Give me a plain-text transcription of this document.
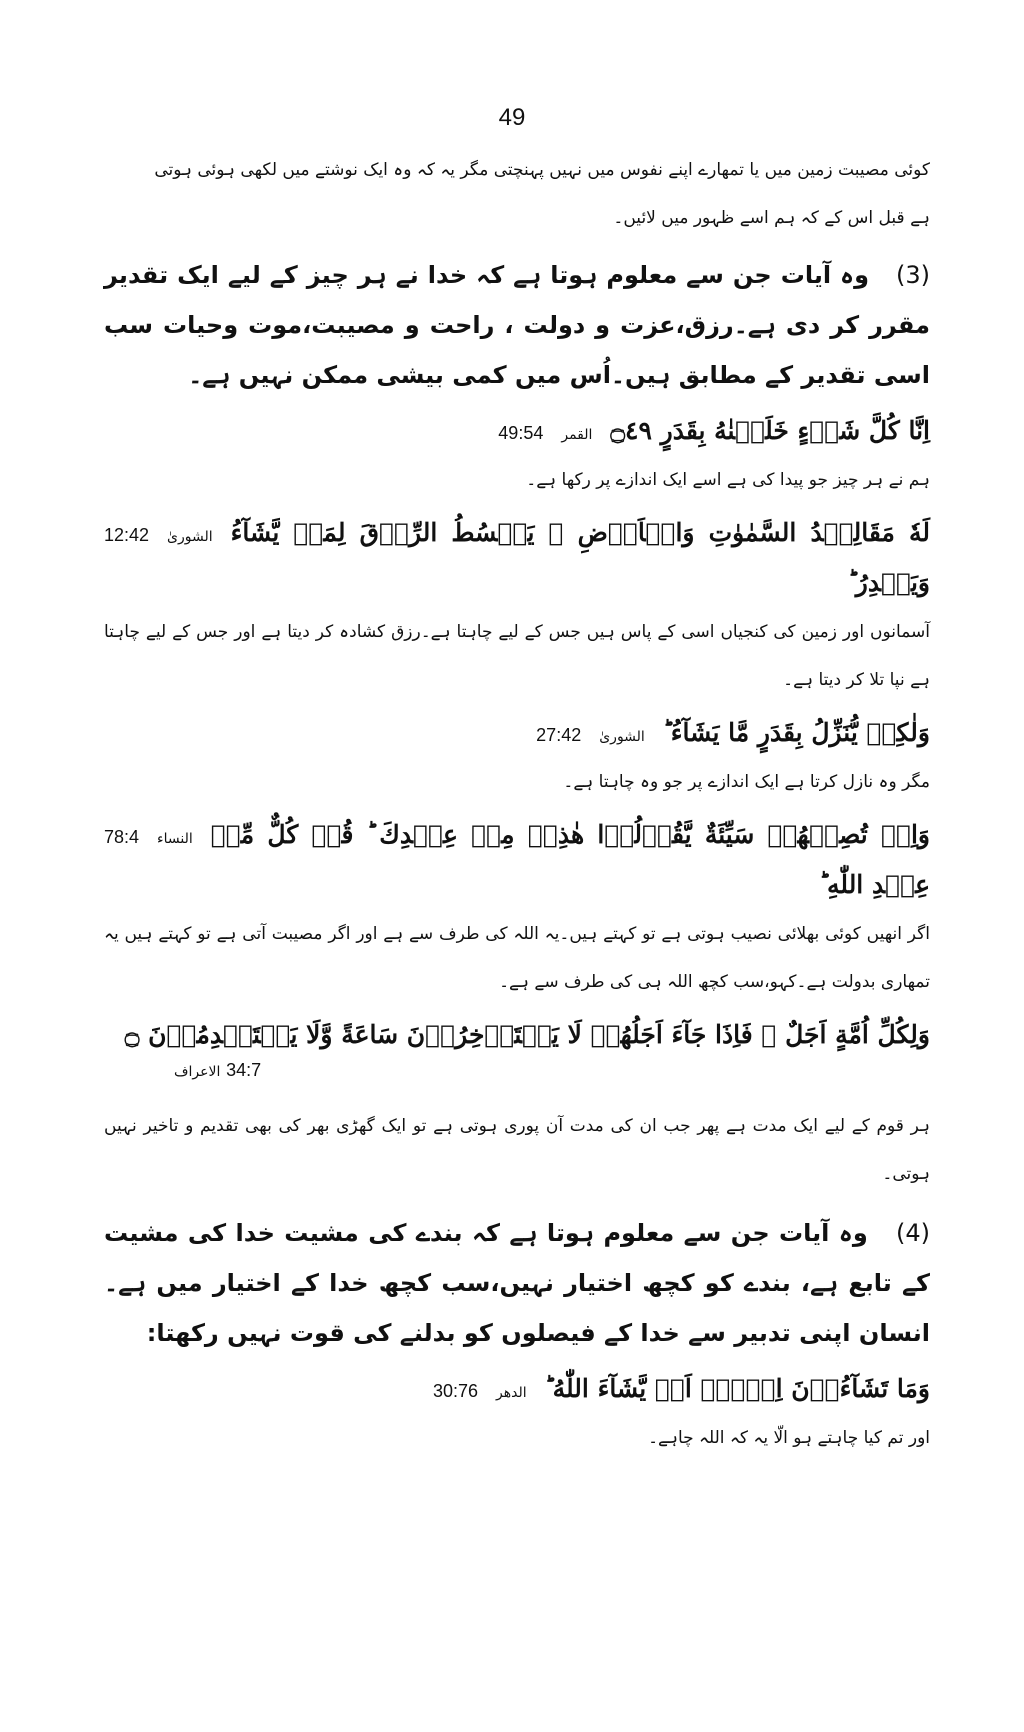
49

کوئی مصیبت زمین میں یا تمھارے اپنے نفوس میں نہیں پہنچتی مگر یہ کہ وہ ایک نوشتے میں لکھی ہوئی ہوتی
ہے قبل اس کے کہ ہم اسے ظہور میں لائیں۔

(3)   وہ آیات جن سے معلوم ہوتا ہے کہ خدا نے ہر چیز کے لیے ایک تقدیر مقرر کر دی ہے۔رزق،عزت و دولت ، راحت و مصیبت،موت وحیات سب اسی تقدیر کے مطابق ہیں۔اُس میں کمی بیشی ممکن نہیں ہے۔

اِنَّا كُلَّ شَیۡءٍ خَلَقۡنٰهُ بِقَدَرٍ ۝٤٩
القمر
49:54

ہم نے ہر چیز جو پیدا کی ہے اسے ایک اندازے پر رکھا ہے۔

لَهٗ مَقَالِیۡدُ السَّمٰوٰتِ وَالۡاَرۡضِ ۚ یَبۡسُطُ الرِّزۡقَ لِمَنۡ یَّشَآءُ وَیَقۡدِرُ ؕ
الشوریٰ
12:42

آسمانوں اور زمین کی کنجیاں اسی کے پاس ہیں جس کے لیے چاہتا ہے۔رزق کشادہ کر دیتا ہے اور جس کے لیے چاہتا ہے نپا تلا کر دیتا ہے۔

وَلٰکِنۡ یُّنَزِّلُ بِقَدَرٍ مَّا یَشَآءُ ؕ
الشوریٰ
27:42

مگر وہ نازل کرتا ہے ایک اندازے پر جو وہ چاہتا ہے۔

وَاِنۡ تُصِبۡهُمۡ سَیِّئَةٌ یَّقُوۡلُوۡا هٰذِهٖ مِنۡ عِنۡدِكَ ؕ قُلۡ كُلٌّ مِّنۡ عِنۡدِ اللّٰهِ ؕ
النساء
78:4

اگر انھیں کوئی بھلائی نصیب ہوتی ہے تو کہتے ہیں۔یہ اللہ کی طرف سے ہے اور اگر مصیبت آتی ہے تو کہتے ہیں یہ تمھاری بدولت ہے۔کہو،سب کچھ اللہ ہی کی طرف سے ہے۔

وَلِکُلِّ اُمَّةٍ اَجَلٌ ۚ فَاِذَا جَآءَ اَجَلُهُمۡ لَا یَسۡتَاۡخِرُوۡنَ سَاعَةً وَّلَا یَسۡتَقۡدِمُوۡنَ ۝
الاعراف 34:7

ہر قوم کے لیے ایک مدت ہے پھر جب ان کی مدت آن پوری ہوتی ہے تو ایک گھڑی بھر کی بھی تقدیم و تاخیر نہیں ہوتی۔

(4)   وہ آیات جن سے معلوم ہوتا ہے کہ بندے کی مشیت خدا کی مشیت کے تابع ہے، بندے کو کچھ اختیار نہیں،سب کچھ خدا کے اختیار میں ہے۔انسان اپنی تدبیر سے خدا کے فیصلوں کو بدلنے کی قوت نہیں رکھتا:

وَمَا تَشَآءُوۡنَ اِلَّاۤ اَنۡ یَّشَآءَ اللّٰهُ ؕ
الدھر
30:76

اور تم کیا چاہتے ہو الّا یہ کہ اللہ چاہے۔
